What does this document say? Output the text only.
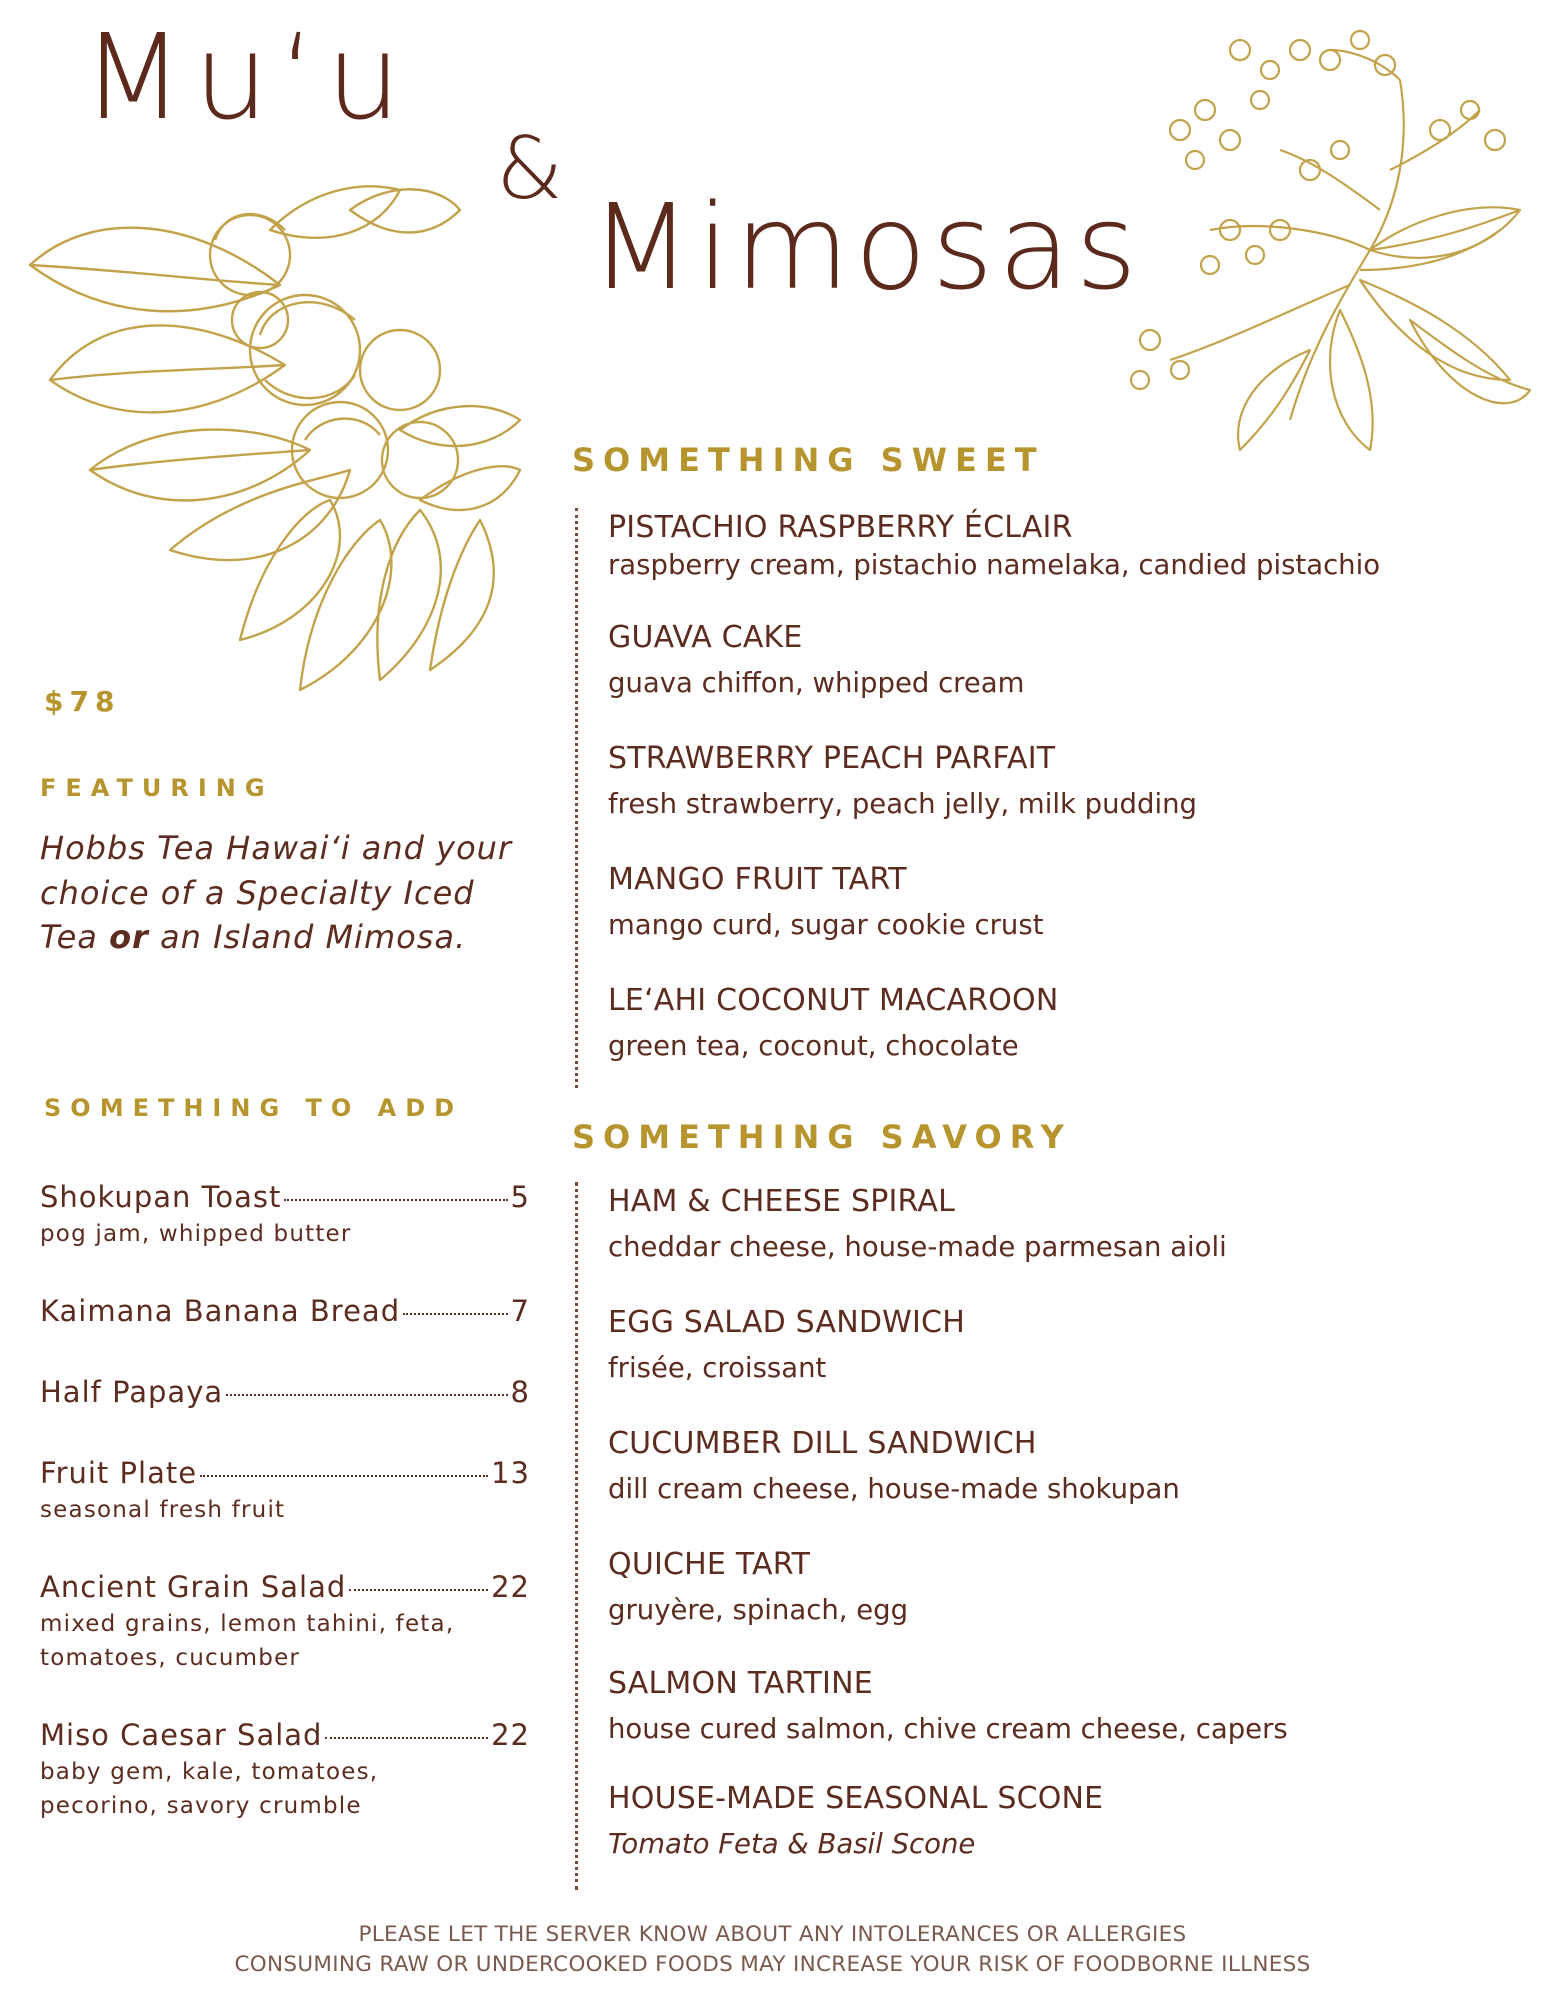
Muʻu
&
Mimosas
$78
FEATURING
Hobbs Tea Hawaiʻi and your choice of a Specialty Iced Tea or an Island Mimosa.
SOMETHING TO ADD
Shokupan Toast	5
pog jam, whipped butter
Kaimana Banana Bread	7
Half Papaya	8
Fruit Plate	13
seasonal fresh fruit
Ancient Grain Salad	22
mixed grains, lemon tahini, feta,
tomatoes, cucumber
Miso Caesar Salad	22
baby gem, kale, tomatoes,
pecorino, savory crumble
SOMETHING SWEET
PISTACHIO RASPBERRY ÉCLAIR
raspberry cream, pistachio namelaka, candied pistachio
GUAVA CAKE
guava chiffon, whipped cream
STRAWBERRY PEACH PARFAIT
fresh strawberry, peach jelly, milk pudding
MANGO FRUIT TART
mango curd, sugar cookie crust
LEʻAHI COCONUT MACAROON
green tea, coconut, chocolate
SOMETHING SAVORY
HAM & CHEESE SPIRAL
cheddar cheese, house-made parmesan aioli
EGG SALAD SANDWICH
frisée, croissant
CUCUMBER DILL SANDWICH
dill cream cheese, house-made shokupan
QUICHE TART
gruyère, spinach, egg
SALMON TARTINE
house cured salmon, chive cream cheese, capers
HOUSE-MADE SEASONAL SCONE
Tomato Feta & Basil Scone
PLEASE LET THE SERVER KNOW ABOUT ANY INTOLERANCES OR ALLERGIES
CONSUMING RAW OR UNDERCOOKED FOODS MAY INCREASE YOUR RISK OF FOODBORNE ILLNESS
